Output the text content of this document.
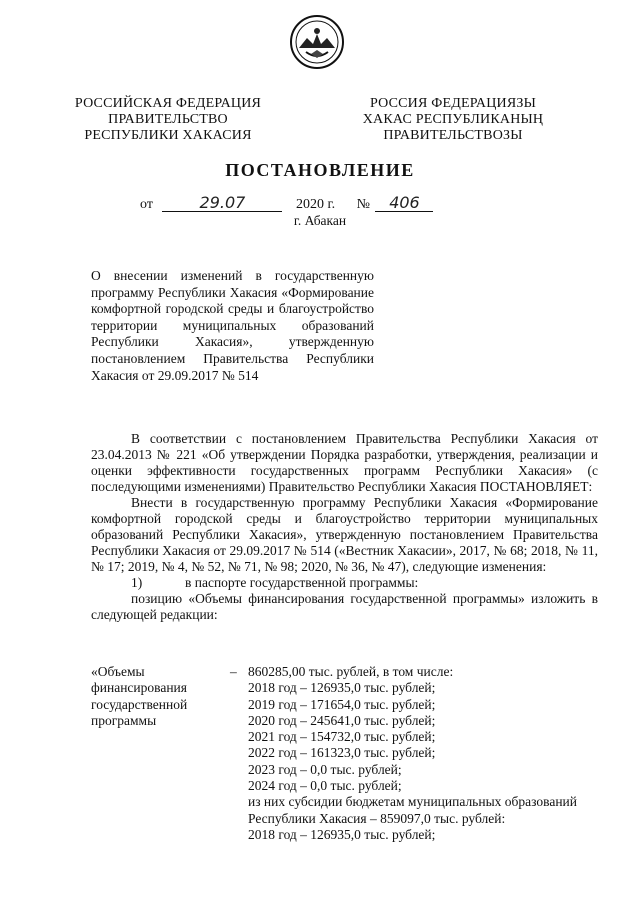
РОССИЙСКАЯ ФЕДЕРАЦИЯ
ПРАВИТЕЛЬСТВО
РЕСПУБЛИКИ ХАКАСИЯ
РОССИЯ ФЕДЕРАЦИЯЗЫ
ХАКАС РЕСПУБЛИКАНЫҢ
ПРАВИТЕЛЬСТВОЗЫ
ПОСТАНОВЛЕНИЕ
от	29.07	2020 г. № 406
г. Абакан
О внесении изменений в государственную программу Республики Хакасия «Формирование комфортной городской среды и благоустройство территории муниципальных образований Республики Хакасия», утвержденную постановлением Правительства Республики Хакасия от 29.09.2017 № 514

В соответствии с постановлением Правительства Республики Хакасия от 23.04.2013 № 221 «Об утверждении Порядка разработки, утверждения, реализации и оценки эффективности государственных программ Республики Хакасия» (с последующими изменениями) Правительство Республики Хакасия ПОСТАНОВЛЯЕТ:

Внести в государственную программу Республики Хакасия «Формирование комфортной городской среды и благоустройство территории муниципальных образований Республики Хакасия», утвержденную постановлением Правительства Республики Хакасия от 29.09.2017 № 514 («Вестник Хакасии», 2017, № 68; 2018, № 11, № 17; 2019, № 4, № 52, № 71, № 98; 2020, № 36, № 47), следующие изменения:

1)	в паспорте государственной программы:

позицию «Объемы финансирования государственной программы» изложить в следующей редакции:

«Объемы
финансирования
государственной
программы
– 860285,00 тыс. рублей, в том числе:
2018 год – 126935,0 тыс. рублей;
2019 год – 171654,0 тыс. рублей;
2020 год – 245641,0 тыс. рублей;
2021 год – 154732,0 тыс. рублей;
2022 год – 161323,0 тыс. рублей;
2023 год – 0,0 тыс. рублей;
2024 год – 0,0 тыс. рублей;
из них субсидии бюджетам муниципальных образований
Республики Хакасия – 859097,0 тыс. рублей:
2018 год – 126935,0 тыс. рублей;
